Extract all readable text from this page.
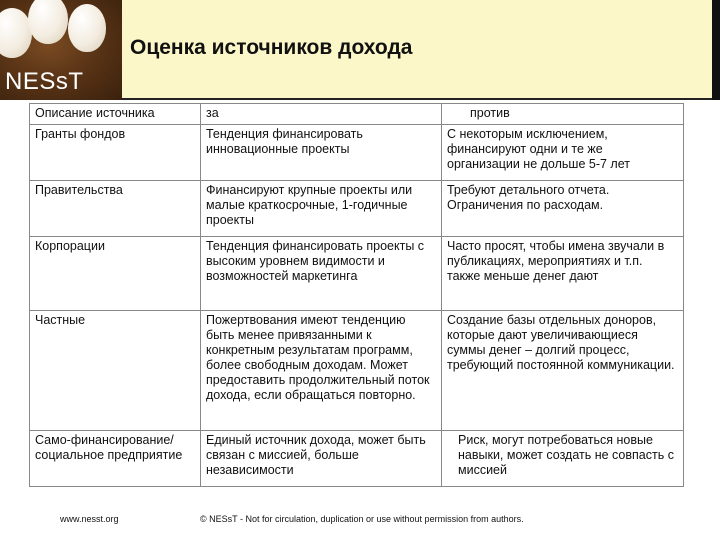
NESsT
Оценка источников дохода
Описание источника	за	против
Гранты фондов	Тенденция финансировать инновационные проекты	С некоторым исключением, финансируют одни и те же организации не дольше 5-7 лет
Правительства	Финансируют крупные проекты или малые краткосрочные, 1-годичные проекты	Требуют детального отчета. Ограничения по расходам.
Корпорации	Тенденция финансировать проекты с высоким уровнем видимости и возможностей маркетинга	Часто просят, чтобы имена звучали в публикациях, мероприятиях и т.п. также меньше денег дают
Частные	Пожертвования имеют тенденцию быть менее привязанными к конкретным результатам программ, более свободным доходам. Может предоставить продолжительный поток дохода, если обращаться повторно.	Создание базы отдельных доноров, которые дают увеличивающиеся суммы денег – долгий процесс, требующий постоянной коммуникации.
Само-финансирование/социальное предприятие	Единый источник дохода, может быть связан с миссией, больше независимости	Риск, могут потребоваться новые навыки, может создать не совпасть с миссией
www.nesst.org	© NESsT - Not for circulation, duplication or use without permission from authors.
